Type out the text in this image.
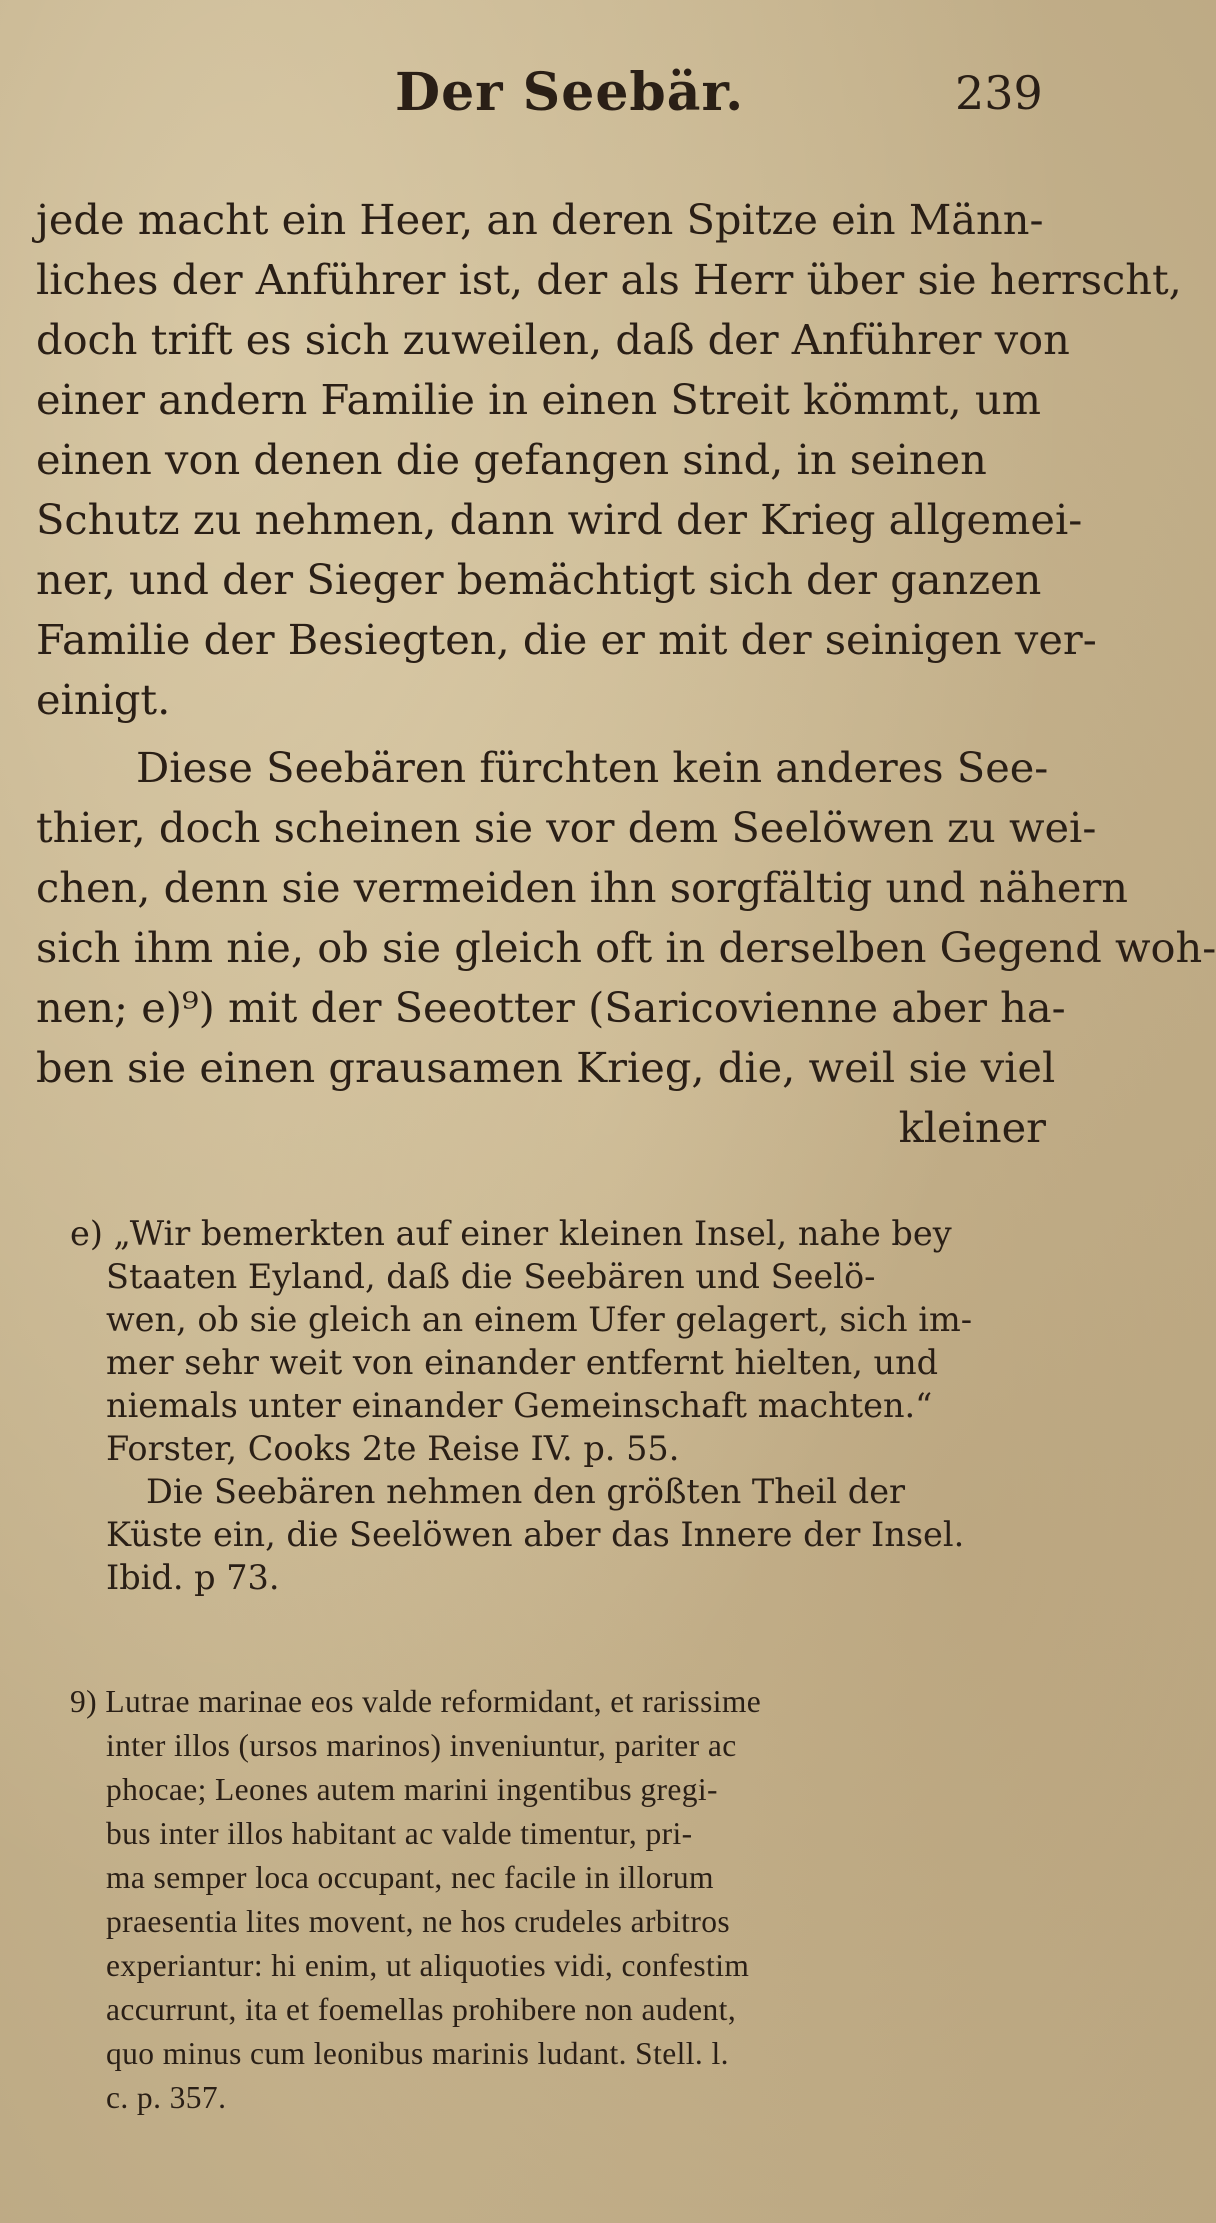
Der Seebär.	239
jede macht ein Heer, an deren Spitze ein Männ-
liches der Anführer ist, der als Herr über sie herrscht,
doch trift es sich zuweilen, daß der Anführer von
einer andern Familie in einen Streit kömmt, um
einen von denen die gefangen sind, in seinen
Schutz zu nehmen, dann wird der Krieg allgemei-
ner, und der Sieger bemächtigt sich der ganzen
Familie der Besiegten, die er mit der seinigen ver-
einigt.
Diese Seebären fürchten kein anderes See-
thier, doch scheinen sie vor dem Seelöwen zu wei-
chen, denn sie vermeiden ihn sorgfältig und nähern
sich ihm nie, ob sie gleich oft in derselben Gegend woh-
nen; e)⁹) mit der Seeotter (Saricovienne aber ha-
ben sie einen grausamen Krieg, die, weil sie viel
kleiner
e) „Wir bemerkten auf einer kleinen Insel, nahe bey
Staaten Eyland, daß die Seebären und Seelö-
wen, ob sie gleich an einem Ufer gelagert, sich im-
mer sehr weit von einander entfernt hielten, und
niemals unter einander Gemeinschaft machten.“
Forster, Cooks 2te Reise IV. p. 55.
Die Seebären nehmen den größten Theil der
Küste ein, die Seelöwen aber das Innere der Insel.
Ibid. p 73.
9) Lutrae marinae eos valde reformidant, et rarissime
inter illos (ursos marinos) inveniuntur, pariter ac
phocae; Leones autem marini ingentibus gregi-
bus inter illos habitant ac valde timentur, pri-
ma semper loca occupant, nec facile in illorum
praesentia lites movent, ne hos crudeles arbitros
experiantur: hi enim, ut aliquoties vidi, confestim
accurrunt, ita et foemellas prohibere non audent,
quo minus cum leonibus marinis ludant. Stell. l.
c. p. 357.
